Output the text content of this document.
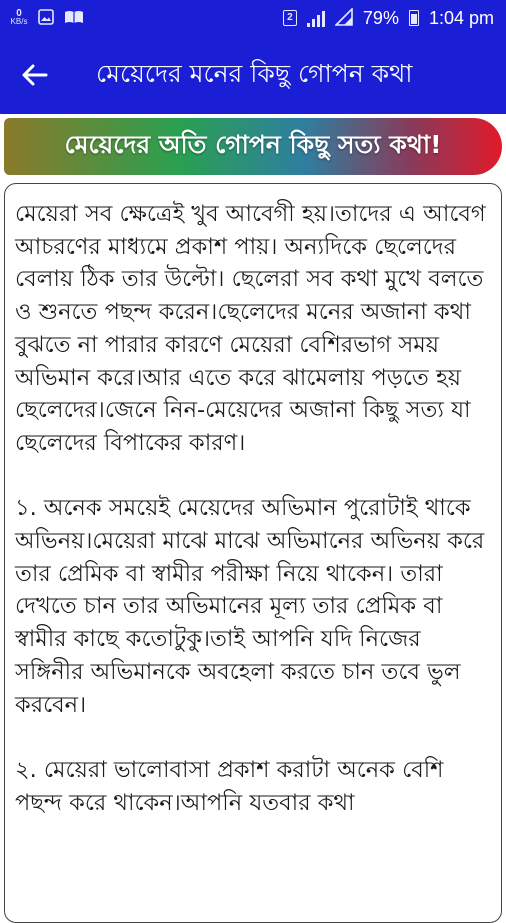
0
KB/s	2	79% 1:04 pm
মেয়েদের মনের কিছু গোপন কথা
মেয়েদের অতি গোপন কিছু সত্য কথা!

মেয়েরা সব ক্ষেত্রেই খুব আবেগী হয়।তাদের এ আবেগ আচরণের মাধ্যমে প্রকাশ পায়। অন্যদিকে ছেলেদের বেলায় ঠিক তার উল্টো। ছেলেরা সব কথা মুখে বলতে ও শুনতে পছন্দ করেন।ছেলেদের মনের অজানা কথা বুঝতে না পারার কারণে মেয়েরা বেশিরভাগ সময় অভিমান করে।আর এতে করে ঝামেলায় পড়তে হয় ছেলেদের।জেনে নিন-মেয়েদের অজানা কিছু সত্য যা ছেলেদের বিপাকের কারণ।

১. অনেক সময়েই মেয়েদের অভিমান পুরোটাই থাকে অভিনয়।মেয়েরা মাঝে মাঝে অভিমানের অভিনয় করে তার প্রেমিক বা স্বামীর পরীক্ষা নিয়ে থাকেন। তারা দেখতে চান তার অভিমানের মূল্য তার প্রেমিক বা স্বামীর কাছে কতোটুকু।তাই আপনি যদি নিজের সঙ্গিনীর অভিমানকে অবহেলা করতে চান তবে ভুল করবেন।

২. মেয়েরা ভালোবাসা প্রকাশ করাটা অনেক বেশি পছন্দ করে থাকেন।আপনি যতবার কথা
